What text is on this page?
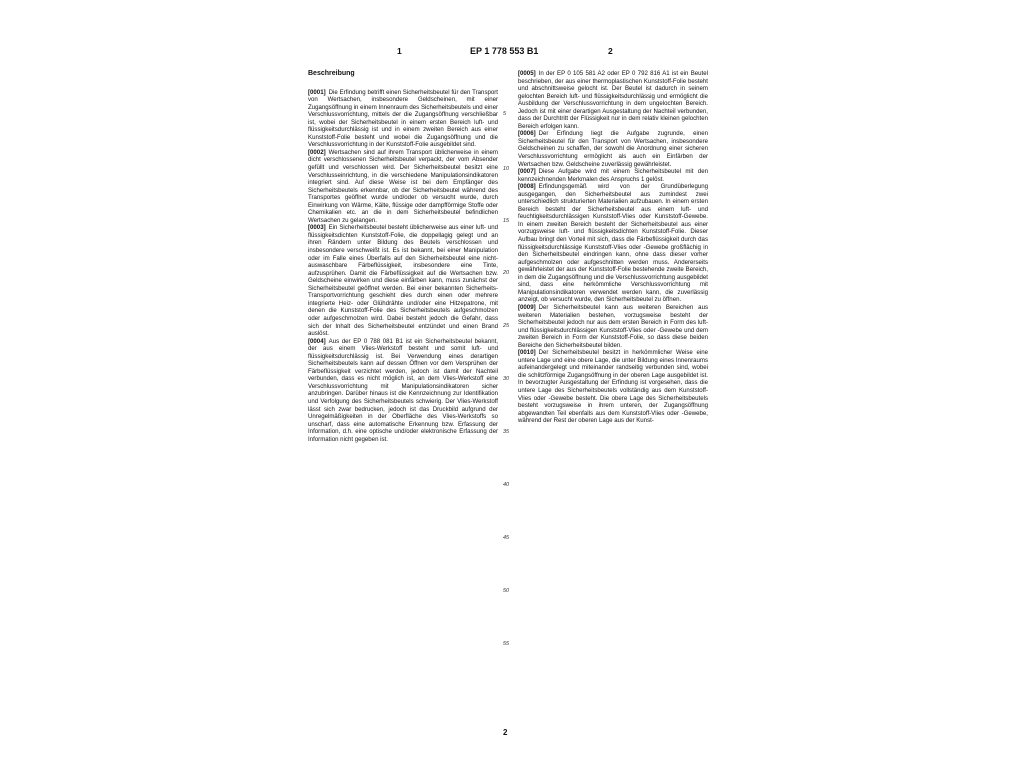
1	EP 1 778 553 B1	2
Beschreibung
[0001] Die Erfindung betrifft einen Sicherheitsbeutel für den Transport von Wertsachen, insbesondere Geldscheinen, mit einer Zugangsöffnung in einem Innenraum des Sicherheitsbeutels und einer Verschlussvorrichtung, mittels der die Zugangsöffnung verschließbar ist, wobei der Sicherheitsbeutel in einem ersten Bereich luft- und flüssigkeitsdurchlässig ist und in einem zweiten Bereich aus einer Kunststoff-Folie besteht und wobei die Zugangsöffnung und die Verschlussvorrichtung in der Kunststoff-Folie ausgebildet sind.
[0002] Wertsachen sind auf ihrem Transport üblicherweise in einem dicht verschlossenen Sicherheitsbeutel verpackt, der vom Absender gefüllt und verschlossen wird. Der Sicherheitsbeutel besitzt eine Verschlusseinrichtung, in die verschiedene Manipulationsindikatoren integriert sind. Auf diese Weise ist bei dem Empfänger des Sicherheitsbeutels erkennbar, ob der Sicherheitsbeutel während des Transportes geöffnet wurde und/oder ob versucht wurde, durch Einwirkung von Wärme, Kälte, flüssige oder dampfförmige Stoffe oder Chemikalien etc. an die in dem Sicherheitsbeutel befindlichen Wertsachen zu gelangen.
[0003] Ein Sicherheitsbeutel besteht üblicherweise aus einer luft- und flüssigkeitsdichten Kunststoff-Folie, die doppellagig gelegt und an ihren Rändern unter Bildung des Beutels verschlossen und insbesondere verschweißt ist. Es ist bekannt, bei einer Manipulation oder im Falle eines Überfalls auf den Sicherheitsbeutel eine nicht-auswaschbare Färbeflüssigkeit, insbesondere eine Tinte, aufzusprühen. Damit die Färbeflüssigkeit auf die Wertsachen bzw. Geldscheine einwirken und diese einfärben kann, muss zunächst der Sicherheitsbeutel geöffnet werden. Bei einer bekannten Sicherheits-Transportvorrichtung geschieht dies durch einen oder mehrere integrierte Heiz- oder Glühdrähte und/oder eine Hitzepatrone, mit denen die Kunststoff-Folie des Sicherheitsbeutels aufgeschmolzen oder aufgeschmolzen wird. Dabei besteht jedoch die Gefahr, dass sich der Inhalt des Sicherheitsbeutel entzündet und einen Brand auslöst.
[0004] Aus der EP 0 788 081 B1 ist ein Sicherheitsbeutel bekannt, der aus einem Vlies-Werkstoff besteht und somit luft- und flüssigkeitsdurchlässig ist. Bei Verwendung eines derartigen Sicherheitsbeutels kann auf dessen Öffnen vor dem Versprühen der Färbeflüssigkeit verzichtet werden, jedoch ist damit der Nachteil verbunden, dass es nicht möglich ist, an dem Vlies-Werkstoff eine Verschlussvorrichtung mit Manipulationsindikatoren sicher anzubringen. Darüber hinaus ist die Kennzeichnung zur Identifikation und Verfolgung des Sicherheitsbeutels schwierig. Der Vlies-Werkstoff lässt sich zwar bedrucken, jedoch ist das Druckbild aufgrund der Unregelmäßigkeiten in der Oberfläche des Vlies-Werkstoffs so unscharf, dass eine automatische Erkennung bzw. Erfassung der Information, d.h. eine optische und/oder elektronische Erfassung der Information nicht gegeben ist.
5
10
15
20
25
30
35
40
45
50
55
[0005] In der EP 0 105 581 A2 oder EP 0 792 816 A1 ist ein Beutel beschrieben, der aus einer thermoplastischen Kunststoff-Folie besteht und abschnittsweise gelocht ist. Der Beutel ist dadurch in seinem gelochten Bereich luft- und flüssigkeitsdurchlässig und ermöglicht die Ausbildung der Verschlussvorrichtung in dem ungelochten Bereich. Jedoch ist mit einer derartigen Ausgestaltung der Nachteil verbunden, dass der Durchtritt der Flüssigkeit nur in dem relativ kleinen gelochten Bereich erfolgen kann.
[0006] Der Erfindung liegt die Aufgabe zugrunde, einen Sicherheitsbeutel für den Transport von Wertsachen, insbesondere Geldscheinen zu schaffen, der sowohl die Anordnung einer sicheren Verschlussvorrichtung ermöglicht als auch ein Einfärben der Wertsachen bzw. Geldscheine zuverlässig gewährleistet.
[0007] Diese Aufgabe wird mit einem Sicherheitsbeutel mit den kennzeichnenden Merkmalen des Anspruchs 1 gelöst.
[0008] Erfindungsgemäß wird von der Grundüberlegung ausgegangen, den Sicherheitsbeutel aus zumindest zwei unterschiedlich strukturierten Materialien aufzubauen. In einem ersten Bereich besteht der Sicherheitsbeutel aus einem luft- und feuchtigkeitsdurchlässigen Kunststoff-Vlies oder Kunststoff-Gewebe. In einem zweiten Bereich besteht der Sicherheitsbeutel aus einer vorzugsweise luft- und flüssigkeitsdichten Kunststoff-Folie. Dieser Aufbau bringt den Vorteil mit sich, dass die Färbeflüssigkeit durch das flüssigkeitsdurchlässige Kunststoff-Vlies oder -Gewebe großflächig in den Sicherheitsbeutel eindringen kann, ohne dass dieser vorher aufgeschmolzen oder aufgeschnitten werden muss. Andererseits gewährleistet der aus der Kunststoff-Folie bestehende zweite Bereich, in dem die Zugangsöffnung und die Verschlussvorrichtung ausgebildet sind, dass eine herkömmliche Verschlussvorrichtung mit Manipulationsindikatoren verwendet werden kann, die zuverlässig anzeigt, ob versucht wurde, den Sicherheitsbeutel zu öffnen.
[0009] Der Sicherheitsbeutel kann aus weiteren Bereichen aus weiteren Materialien bestehen, vorzugsweise besteht der Sicherheitsbeutel jedoch nur aus dem ersten Bereich in Form des luft- und flüssigkeitsdurchlässigen Kunststoff-Vlies oder -Gewebe und dem zweiten Bereich in Form der Kunststoff-Folie, so dass diese beiden Bereiche den Sicherheitsbeutel bilden.
[0010] Der Sicherheitsbeutel besitzt in herkömmlicher Weise eine untere Lage und eine obere Lage, die unter Bildung eines Innenraums aufeinandergelegt und miteinander randseitig verbunden sind, wobei die schlitzförmige Zugangsöffnung in der oberen Lage ausgebildet ist. In bevorzugter Ausgestaltung der Erfindung ist vorgesehen, dass die untere Lage des Sicherheitsbeutels vollständig aus dem Kunststoff-Vlies oder -Gewebe besteht. Die obere Lage des Sicherheitsbeutels besteht vorzugsweise in ihrem unteren, der Zugangsöffnung abgewandten Teil ebenfalls aus dem Kunststoff-Vlies oder -Gewebe, während der Rest der oberen Lage aus der Kunst-
2
